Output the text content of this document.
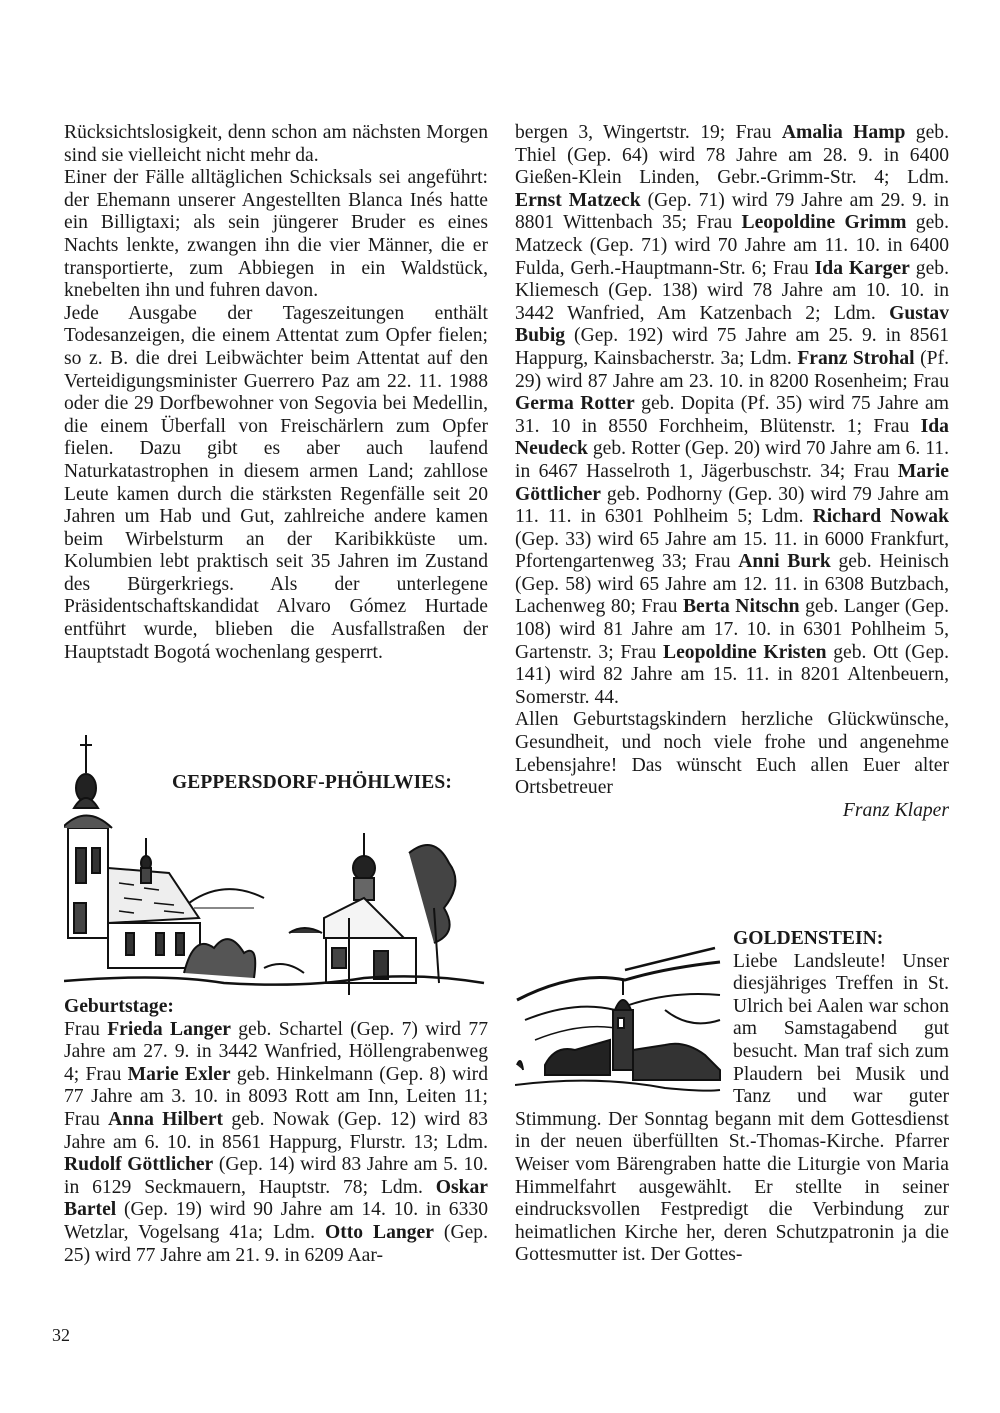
Rücksichtslosigkeit, denn schon am nächsten Morgen sind sie vielleicht nicht mehr da.

Einer der Fälle alltäglichen Schicksals sei angeführt: der Ehemann unserer Angestellten Blanca Inés hatte ein Billigtaxi; als sein jüngerer Bruder es eines Nachts lenkte, zwangen ihn die vier Männer, die er transportierte, zum Abbiegen in ein Waldstück, knebelten ihn und fuhren davon.

Jede Ausgabe der Tageszeitungen enthält Todesanzeigen, die einem Attentat zum Opfer fielen; so z. B. die drei Leibwächter beim Attentat auf den Verteidigungsminister Guerrero Paz am 22. 11. 1988 oder die 29 Dorfbewohner von Segovia bei Medellin, die einem Überfall von Freischärlern zum Opfer fielen. Dazu gibt es aber auch laufend Naturkatastrophen in diesem armen Land; zahllose Leute kamen durch die stärksten Regenfälle seit 20 Jahren um Hab und Gut, zahlreiche andere kamen beim Wirbelsturm an der Karibikküste um. Kolumbien lebt praktisch seit 35 Jahren im Zustand des Bürgerkriegs. Als der unterlegene Präsidentschaftskandidat Alvaro Gómez Hurtade entführt wurde, blieben die Ausfallstraßen der Hauptstadt Bogotá wochenlang gesperrt.

GEPPERSDORF-PHÖHLWIES:
Geburtstage:

Frau Frieda Langer geb. Schartel (Gep. 7) wird 77 Jahre am 27. 9. in 3442 Wanfried, Höllengrabenweg 4; Frau Marie Exler geb. Hinkelmann (Gep. 8) wird 77 Jahre am 3. 10. in 8093 Rott am Inn, Leiten 11; Frau Anna Hilbert geb. Nowak (Gep. 12) wird 83 Jahre am 6. 10. in 8561 Happurg, Flurstr. 13; Ldm. Rudolf Göttlicher (Gep. 14) wird 83 Jahre am 5. 10. in 6129 Seckmauern, Hauptstr. 78; Ldm. Oskar Bartel (Gep. 19) wird 90 Jahre am 14. 10. in 6330 Wetzlar, Vogelsang 41a; Ldm. Otto Langer (Gep. 25) wird 77 Jahre am 21. 9. in 6209 Aar-

bergen 3, Wingertstr. 19; Frau Amalia Hamp geb. Thiel (Gep. 64) wird 78 Jahre am 28. 9. in 6400 Gießen-Klein Linden, Gebr.-Grimm-Str. 4; Ldm. Ernst Matzeck (Gep. 71) wird 79 Jahre am 29. 9. in 8801 Wittenbach 35; Frau Leopoldine Grimm geb. Matzeck (Gep. 71) wird 70 Jahre am 11. 10. in 6400 Fulda, Gerh.-Hauptmann-Str. 6; Frau Ida Karger geb. Kliemesch (Gep. 138) wird 78 Jahre am 10. 10. in 3442 Wanfried, Am Katzenbach 2; Ldm. Gustav Bubig (Gep. 192) wird 75 Jahre am 25. 9. in 8561 Happurg, Kainsbacherstr. 3a; Ldm. Franz Strohal (Pf. 29) wird 87 Jahre am 23. 10. in 8200 Rosenheim; Frau Germa Rotter geb. Dopita (Pf. 35) wird 75 Jahre am 31. 10 in 8550 Forchheim, Blütenstr. 1; Frau Ida Neudeck geb. Rotter (Gep. 20) wird 70 Jahre am 6. 11. in 6467 Hasselroth 1, Jägerbuschstr. 34; Frau Marie Göttlicher geb. Podhorny (Gep. 30) wird 79 Jahre am 11. 11. in 6301 Pohlheim 5; Ldm. Richard Nowak (Gep. 33) wird 65 Jahre am 15. 11. in 6000 Frankfurt, Pfortengartenweg 33; Frau Anni Burk geb. Heinisch (Gep. 58) wird 65 Jahre am 12. 11. in 6308 Butzbach, Lachenweg 80; Frau Berta Nitschn geb. Langer (Gep. 108) wird 81 Jahre am 17. 10. in 6301 Pohlheim 5, Gartenstr. 3; Frau Leopoldine Kristen geb. Ott (Gep. 141) wird 82 Jahre am 15. 11. in 8201 Altenbeuern, Somerstr. 44.

Allen Geburtstagskindern herzliche Glückwünsche, Gesundheit, und noch viele frohe und angenehme Lebensjahre! Das wünscht Euch allen Euer alter Ortsbetreuer

Franz Klaper

GOLDENSTEIN:

Liebe Landsleute! Unser diesjähriges Treffen in St. Ulrich bei Aalen war schon am Samstagabend gut besucht. Man traf sich zum Plaudern bei Musik und Tanz und war guter Stimmung. Der Sonntag begann mit dem Gottesdienst in der neuen überfüllten St.-Thomas-Kirche. Pfarrer Weiser vom Bärengraben hatte die Liturgie von Maria Himmelfahrt ausgewählt. Er stellte in seiner eindrucksvollen Festpredigt die Verbindung zur heimatlichen Kirche her, deren Schutzpatronin ja die Gottesmutter ist. Der Gottes-

32
